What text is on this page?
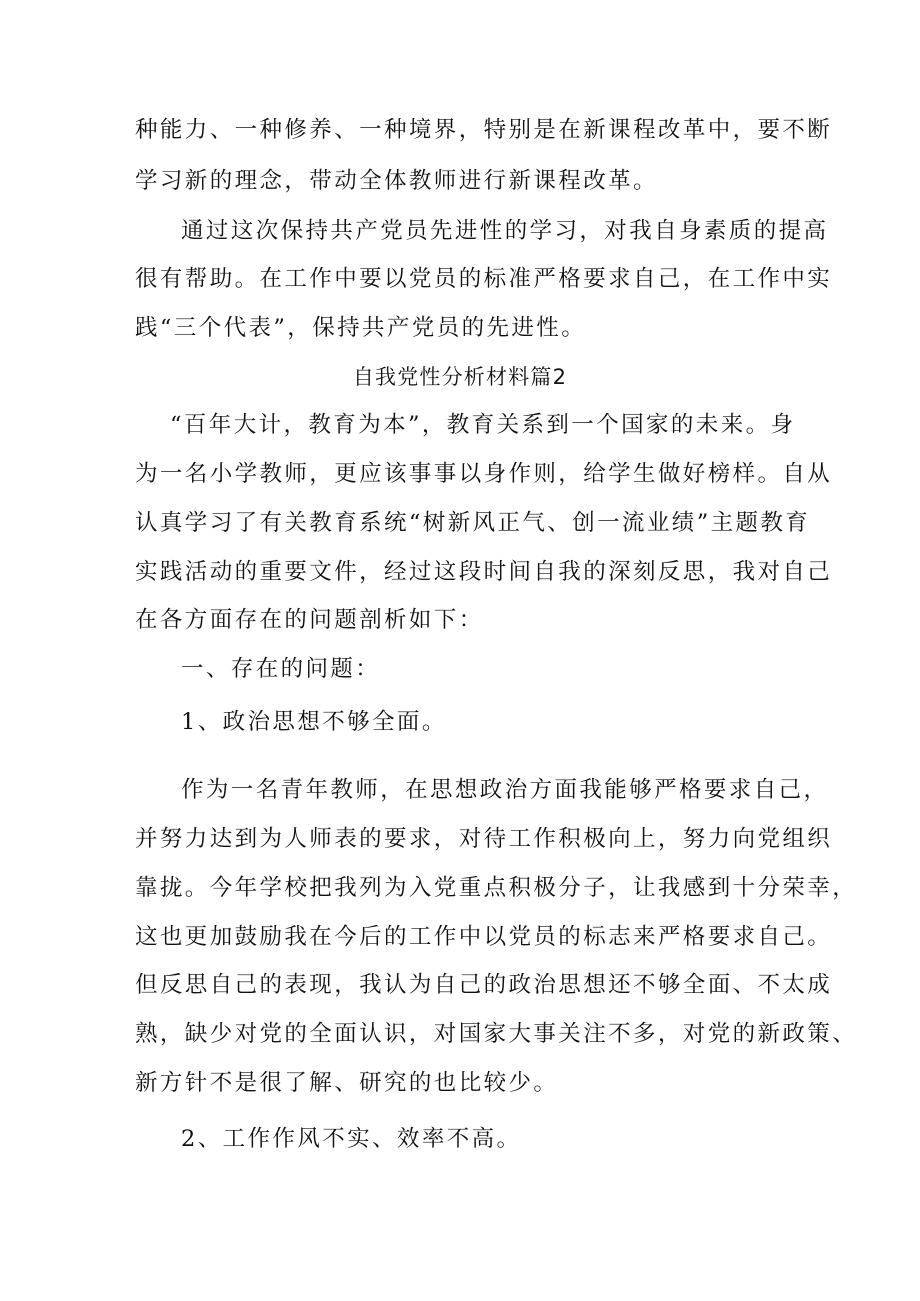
种能力、一种修养、一种境界，特别是在新课程改革中，要不断
学习新的理念，带动全体教师进行新课程改革。
通过这次保持共产党员先进性的学习，对我自身素质的提高
很有帮助。在工作中要以党员的标准严格要求自己，在工作中实
践“三个代表”，保持共产党员的先进性。
自我党性分析材料篇2
“百年大计，教育为本”，教育关系到一个国家的未来。身
为一名小学教师，更应该事事以身作则，给学生做好榜样。自从
认真学习了有关教育系统“树新风正气、创一流业绩”主题教育
实践活动的重要文件，经过这段时间自我的深刻反思，我对自己
在各方面存在的问题剖析如下：
一、存在的问题：
1、政治思想不够全面。
作为一名青年教师，在思想政治方面我能够严格要求自己，
并努力达到为人师表的要求，对待工作积极向上，努力向党组织
靠拢。今年学校把我列为入党重点积极分子，让我感到十分荣幸，
这也更加鼓励我在今后的工作中以党员的标志来严格要求自己。
但反思自己的表现，我认为自己的政治思想还不够全面、不太成
熟，缺少对党的全面认识，对国家大事关注不多，对党的新政策、
新方针不是很了解、研究的也比较少。
2、工作作风不实、效率不高。
